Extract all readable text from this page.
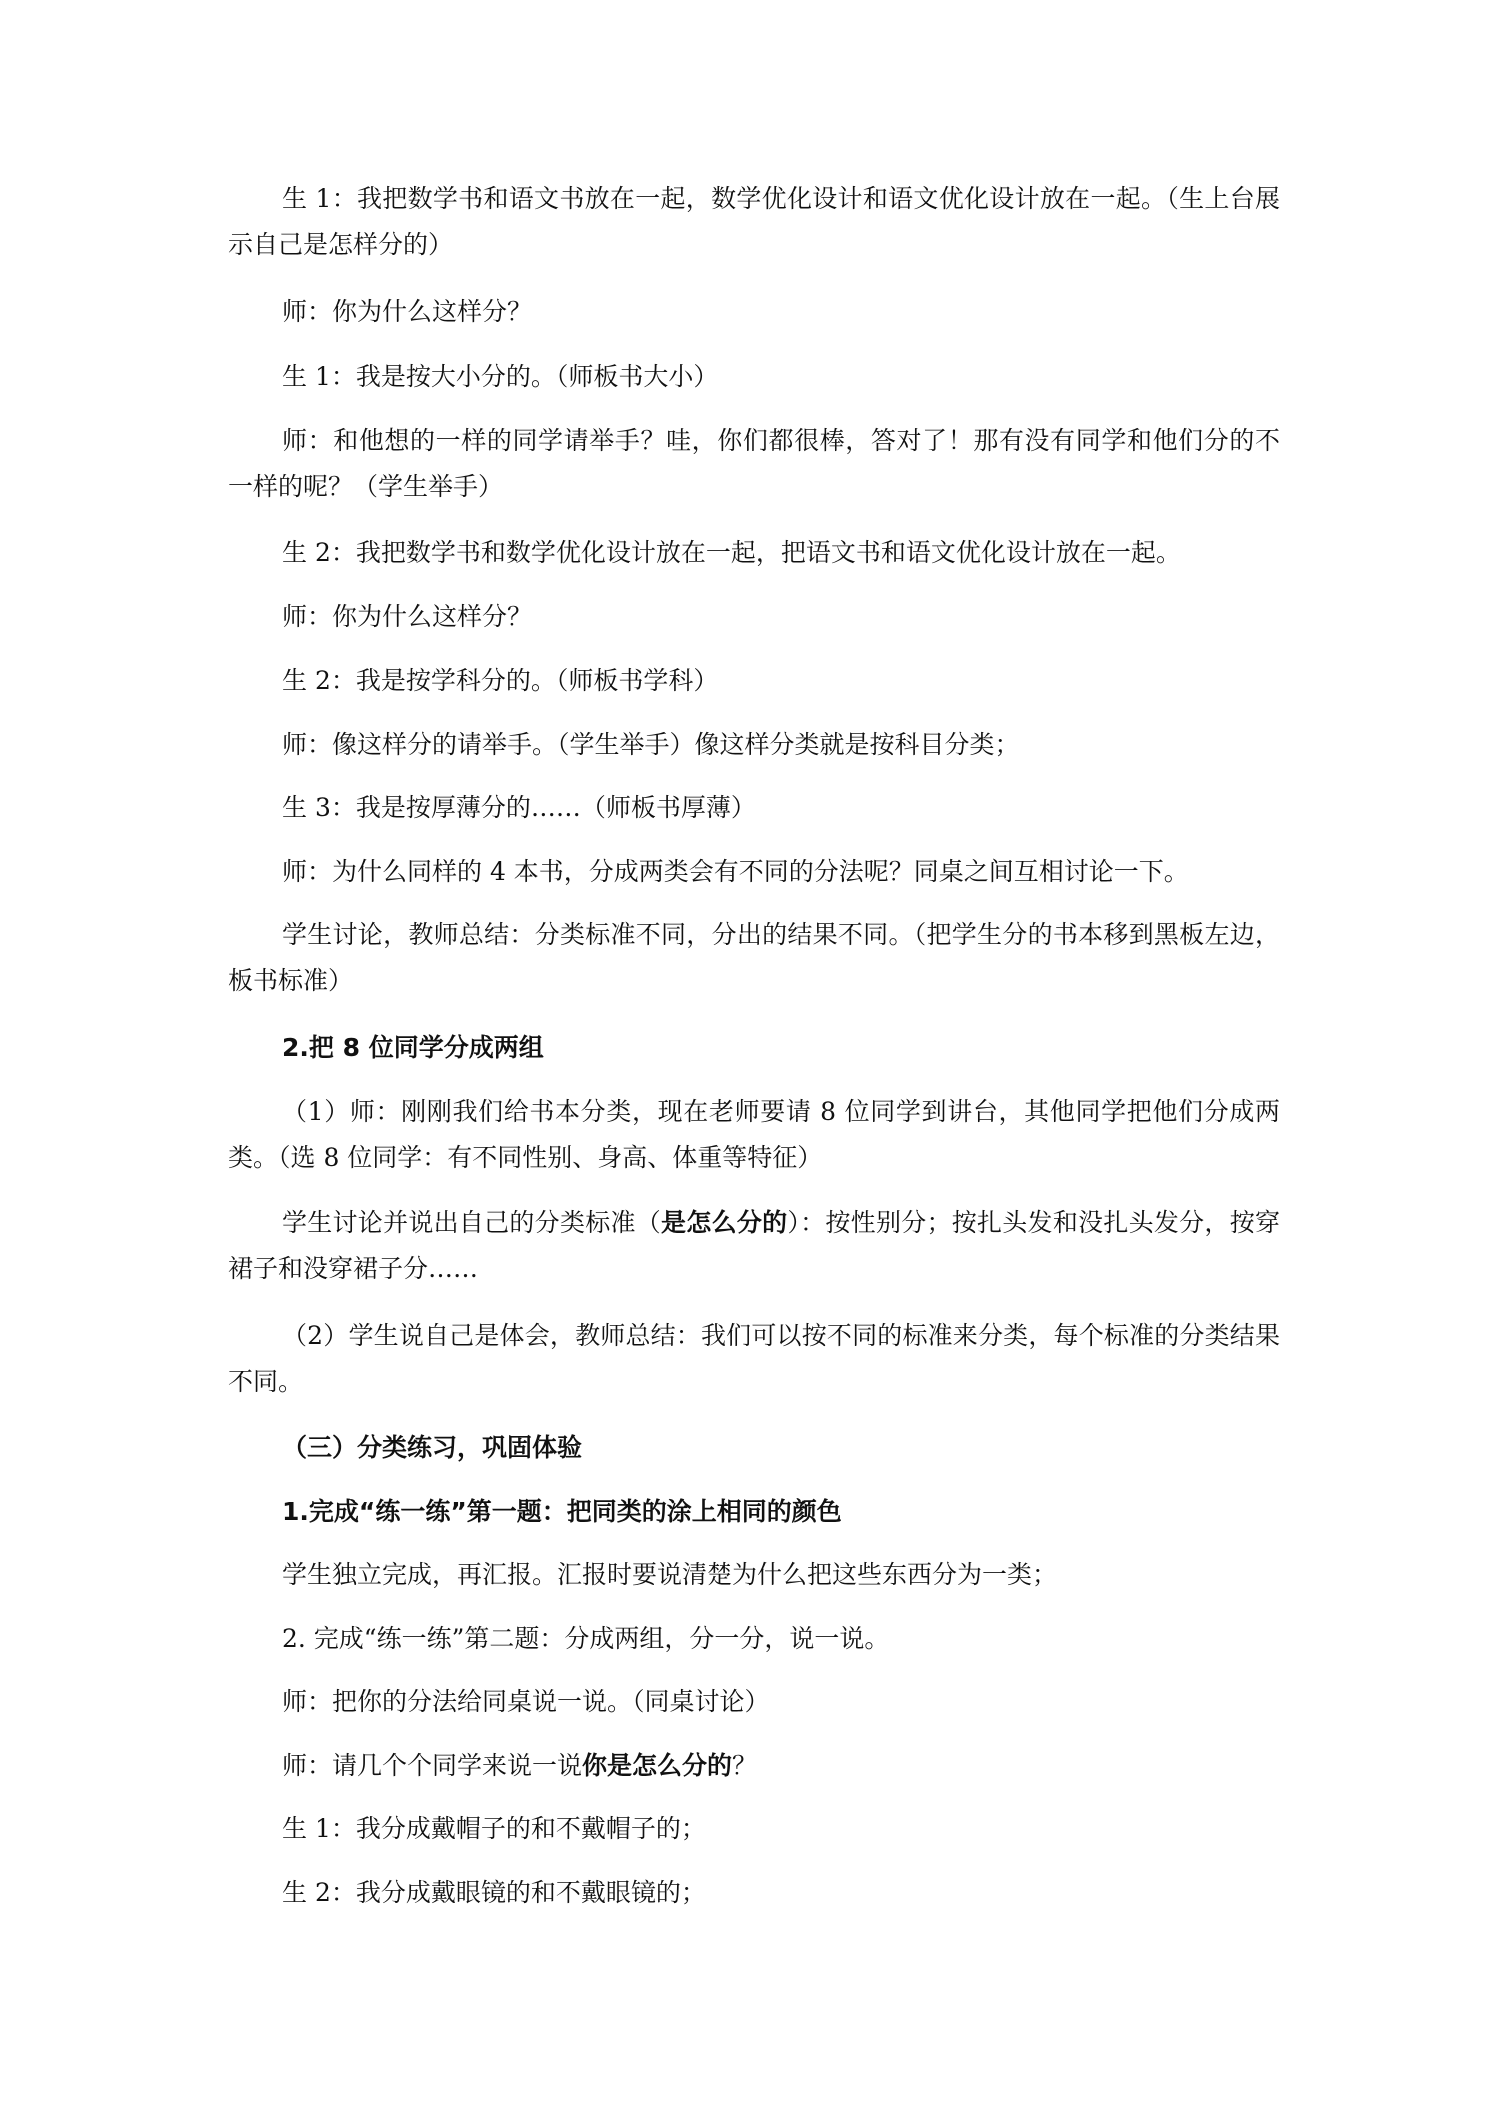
生 1：我把数学书和语文书放在一起，数学优化设计和语文优化设计放在一起。（生上台展示自己是怎样分的）

师：你为什么这样分？

生 1：我是按大小分的。（师板书大小）

师：和他想的一样的同学请举手？哇，你们都很棒，答对了！那有没有同学和他们分的不一样的呢？（学生举手）

生 2：我把数学书和数学优化设计放在一起，把语文书和语文优化设计放在一起。

师：你为什么这样分？

生 2：我是按学科分的。（师板书学科）

师：像这样分的请举手。（学生举手）像这样分类就是按科目分类；

生 3：我是按厚薄分的……（师板书厚薄）

师：为什么同样的 4 本书，分成两类会有不同的分法呢？同桌之间互相讨论一下。

学生讨论，教师总结：分类标准不同，分出的结果不同。（把学生分的书本移到黑板左边，板书标准）

2.把 8 位同学分成两组

（1）师：刚刚我们给书本分类，现在老师要请 8 位同学到讲台，其他同学把他们分成两类。（选 8 位同学：有不同性别、身高、体重等特征）

学生讨论并说出自己的分类标准（是怎么分的）：按性别分；按扎头发和没扎头发分，按穿裙子和没穿裙子分……

（2）学生说自己是体会，教师总结：我们可以按不同的标准来分类，每个标准的分类结果不同。

（三）分类练习，巩固体验

1.完成“练一练”第一题：把同类的涂上相同的颜色

学生独立完成，再汇报。汇报时要说清楚为什么把这些东西分为一类；

2. 完成“练一练”第二题：分成两组，分一分，说一说。

师：把你的分法给同桌说一说。（同桌讨论）

师：请几个个同学来说一说你是怎么分的？

生 1：我分成戴帽子的和不戴帽子的；

生 2：我分成戴眼镜的和不戴眼镜的；
